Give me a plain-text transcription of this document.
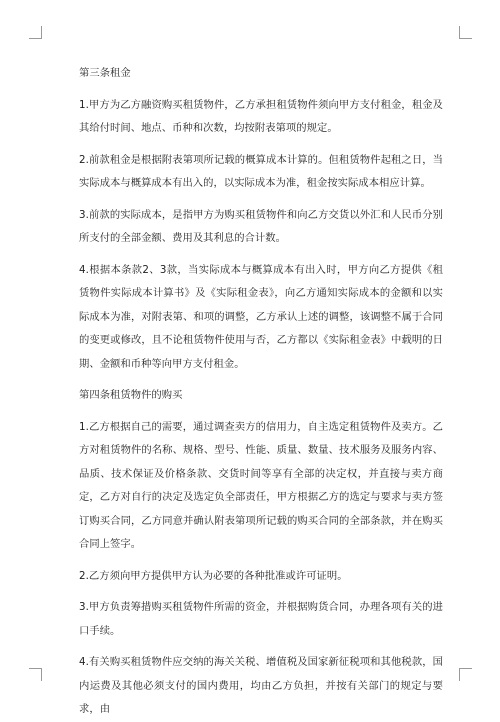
第三条租金

1.甲方为乙方融资购买租赁物件，乙方承担租赁物件须向甲方支付租金，租金及其给付时间、地点、币种和次数，均按附表第项的规定。

2.前款租金是根据附表第项所记载的概算成本计算的。但租赁物件起租之日，当实际成本与概算成本有出入的，以实际成本为准，租金按实际成本相应计算。

3.前款的实际成本，是指甲方为购买租赁物件和向乙方交货以外汇和人民币分别所支付的全部金额、费用及其利息的合计数。

4.根据本条款2、3款，当实际成本与概算成本有出入时，甲方向乙方提供《租赁物件实际成本计算书》及《实际租金表》，向乙方通知实际成本的金额和以实际成本为准，对附表第、和项的调整，乙方承认上述的调整，该调整不属于合同的变更或修改，且不论租赁物件使用与否，乙方都以《实际租金表》中载明的日期、金额和币种等向甲方支付租金。

第四条租赁物件的购买

1.乙方根据自己的需要，通过调查卖方的信用力，自主选定租赁物件及卖方。乙方对租赁物件的名称、规格、型号、性能、质量、数量、技术服务及服务内容、品质、技术保证及价格条款、交货时间等享有全部的决定权，并直接与卖方商定，乙方对自行的决定及选定负全部责任，甲方根据乙方的选定与要求与卖方签订购买合同，乙方同意并确认附表第项所记载的购买合同的全部条款，并在购买合同上签字。

2.乙方须向甲方提供甲方认为必要的各种批准或许可证明。

3.甲方负责筹措购买租赁物件所需的资金，并根据购货合同，办理各项有关的进口手续。

4.有关购买租赁物件应交纳的海关关税、增值税及国家新征税项和其他税款，国内运费及其他必须支付的国内费用，均由乙方负担，并按有关部门的规定与要求，由
